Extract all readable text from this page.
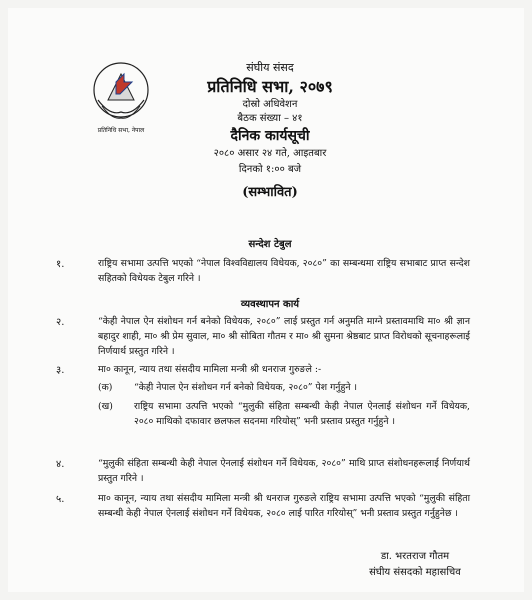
प्रतिनिधि सभा, नेपाल
संघीय संसद
प्रतिनिधि सभा, २०७९
दोस्रो अधिवेशन
बैठक संख्या – ४१
दैनिक कार्यसूची
२०८० असार २४ गते, आइतबार
दिनको १:०० बजे
(सम्भावित)
सन्देश टेबुल
१.	राष्ट्रिय सभामा उत्पत्ति भएको “नेपाल विश्वविद्यालय विधेयक, २०८०” का सम्बन्धमा राष्ट्रिय सभाबाट प्राप्त सन्देश सहितको विधेयक टेबुल गरिने ।
व्यवस्थापन कार्य
२.	“केही नेपाल ऐन संशोधन गर्न बनेको विधेयक, २०८०” लाई प्रस्तुत गर्न अनुमति माग्ने प्रस्तावमाथि मा० श्री ज्ञान बहादुर शाही, मा० श्री प्रेम सुवाल, मा० श्री सोबिता गौतम र मा० श्री सुमना श्रेष्ठबाट प्राप्त विरोधको सूचनाहरूलाई निर्णयार्थ प्रस्तुत गरिने ।
३.	मा० कानून, न्याय तथा संसदीय मामिला मन्त्री श्री धनराज गुरुङले :-
(क) “केही नेपाल ऐन संशोधन गर्न बनेको विधेयक, २०८०” पेश गर्नुहुने ।
(ख) राष्ट्रिय सभामा उत्पत्ति भएको “मुलुकी संहिता सम्बन्धी केही नेपाल ऐनलाई संशोधन गर्ने विधेयक, २०८० माथिको दफावार छलफल सदनमा गरियोस्” भनी प्रस्ताव प्रस्तुत गर्नुहुने ।
४.	“मुलुकी संहिता सम्बन्धी केही नेपाल ऐनलाई संशोधन गर्ने विधेयक, २०८०” माथि प्राप्त संशोधनहरूलाई निर्णयार्थ प्रस्तुत गरिने ।
५.	मा० कानून, न्याय तथा संसदीय मामिला मन्त्री श्री धनराज गुरुङले राष्ट्रिय सभामा उत्पत्ति भएको “मुलुकी संहिता सम्बन्धी केही नेपाल ऐनलाई संशोधन गर्ने विधेयक, २०८० लाई पारित गरियोस्” भनी प्रस्ताव प्रस्तुत गर्नुहुनेछ ।
डा. भरतराज गौतम
संघीय संसदको महासचिव
